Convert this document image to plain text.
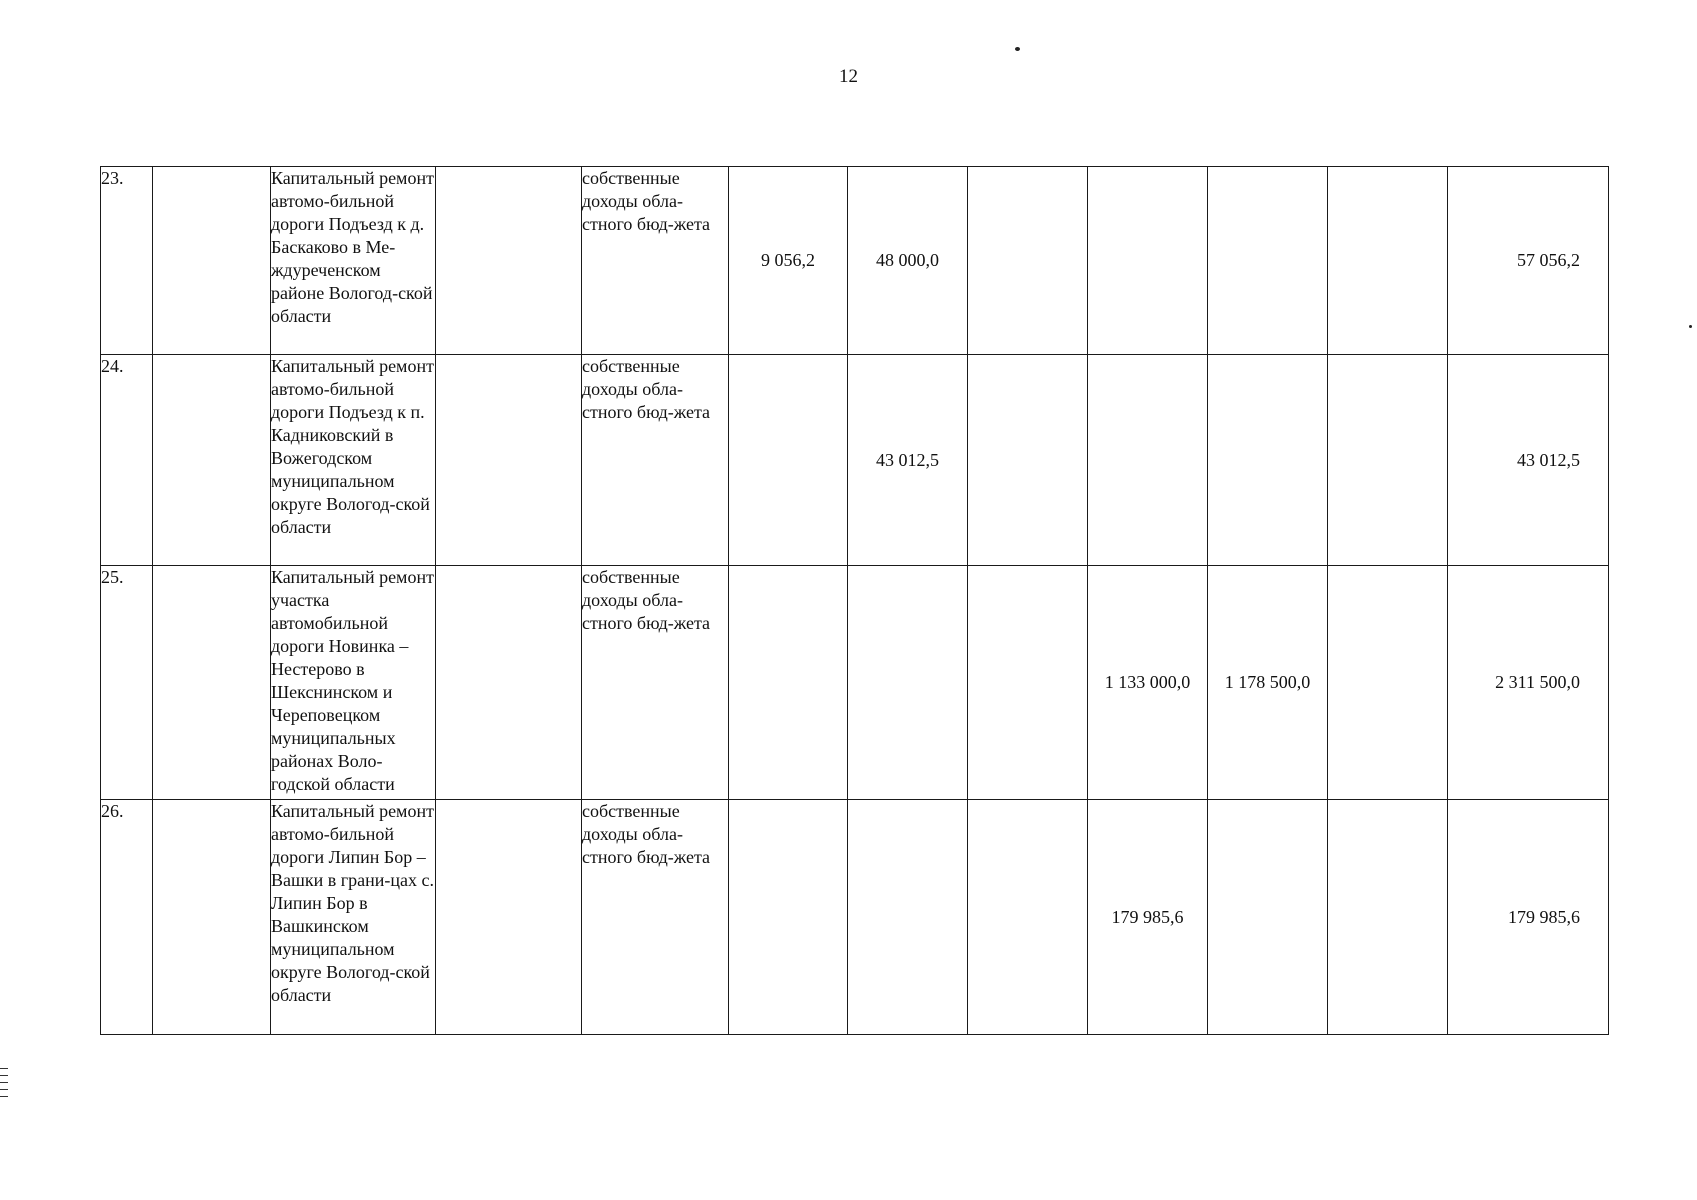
12
23.		Капитальный ремонт автомо-бильной дороги Подъезд к д. Баскаково в Ме-ждуреченском районе Вологод-ской области		собственные доходы обла-стного бюд-жета	9 056,2	48 000,0					57 056,2
24.		Капитальный ремонт автомо-бильной дороги Подъезд к п. Кадниковский в Вожегодском муниципальном округе Вологод-ской области		собственные доходы обла-стного бюд-жета		43 012,5					43 012,5
25.		Капитальный ремонт участка автомобильной дороги Новинка – Нестерово в Шекснинском и Череповецком муниципальных районах Воло-годской области		собственные доходы обла-стного бюд-жета				1 133 000,0	1 178 500,0		2 311 500,0
26.		Капитальный ремонт автомо-бильной дороги Липин Бор – Вашки в грани-цах с. Липин Бор в Вашкинском муниципальном округе Вологод-ской области		собственные доходы обла-стного бюд-жета				179 985,6			179 985,6
